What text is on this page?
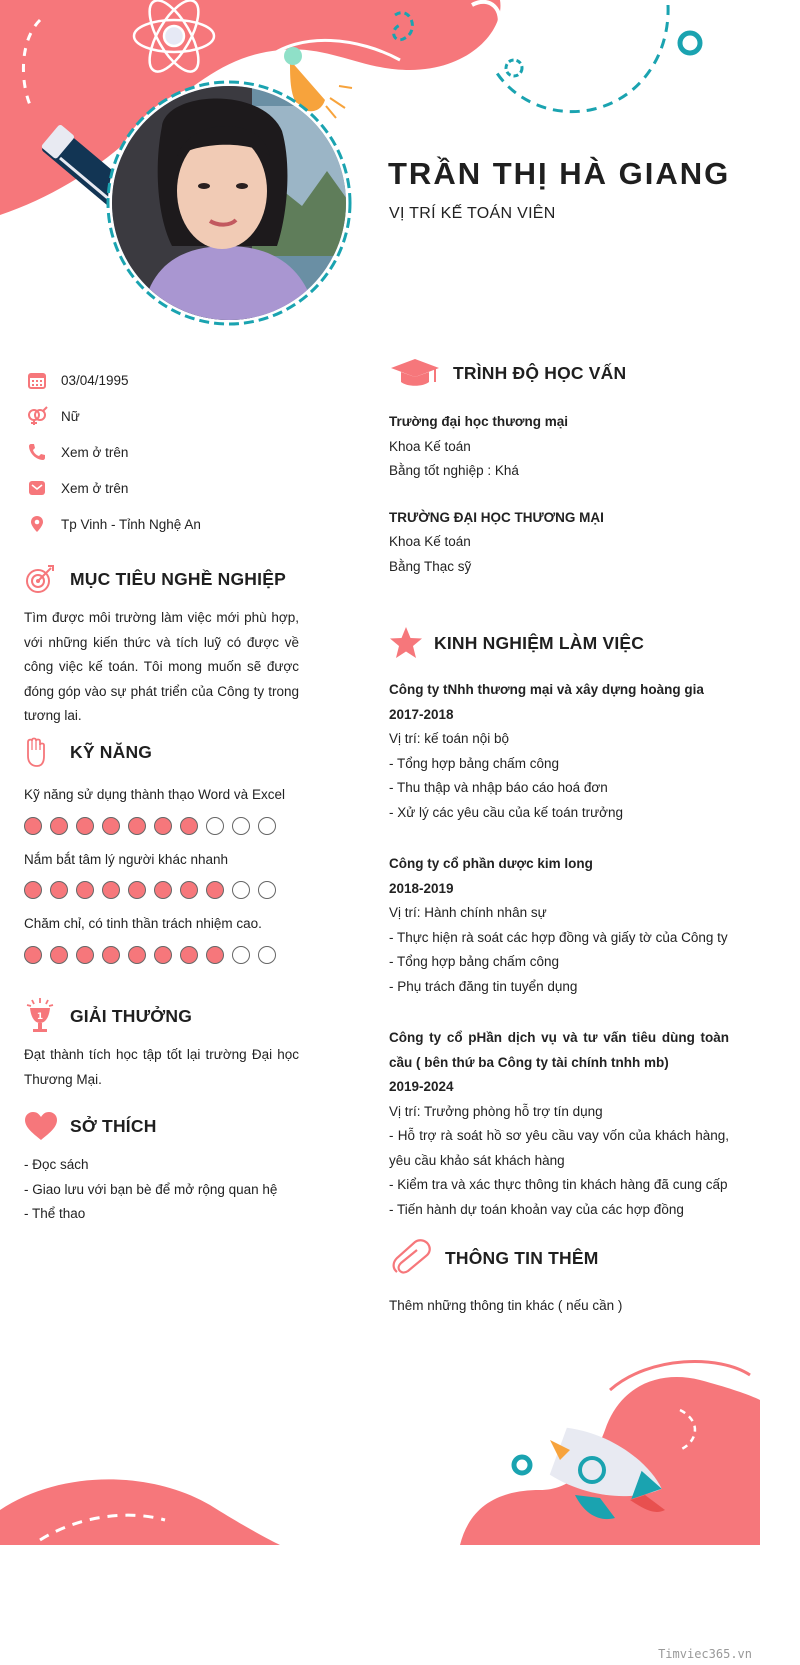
TRẦN THỊ HÀ GIANG
VỊ TRÍ KẾ TOÁN VIÊN
03/04/1995
Nữ
Xem ở trên
Xem ở trên
Tp Vinh - Tỉnh Nghệ An
MỤC TIÊU NGHỀ NGHIỆP
Tìm được môi trường làm việc mới phù hợp, với những kiến thức và tích luỹ có được về công việc kế toán. Tôi mong muốn sẽ được đóng góp vào sự phát triển của Công ty trong tương lai.
KỸ NĂNG
Kỹ năng sử dụng thành thạo Word và Excel
Nắm bắt tâm lý người khác nhanh
Chăm chỉ, có tinh thần trách nhiệm cao.
1 GIẢI THƯỞNG
Đạt thành tích học tập tốt lại trường Đại học Thương Mại.
SỞ THÍCH
- Đọc sách
- Giao lưu với bạn bè để mở rộng quan hệ
- Thể thao
TRÌNH ĐỘ HỌC VẤN
Trường đại học thương mại
Khoa Kế toán
Bằng tốt nghiệp : Khá
TRƯỜNG ĐẠI HỌC THƯƠNG MẠI
Khoa Kế toán
Bằng Thạc sỹ
KINH NGHIỆM LÀM VIỆC
Công ty tNhh thương mại và xây dựng hoàng gia
2017-2018
Vị trí: kế toán nội bộ
- Tổng hợp bảng chấm công
- Thu thập và nhập báo cáo hoá đơn
- Xử lý các yêu cầu của kế toán trưởng
Công ty cổ phần dược kim long
2018-2019
Vị trí: Hành chính nhân sự
- Thực hiện rà soát các hợp đồng và giấy tờ của Công ty
- Tổng hợp bảng chấm công
- Phụ trách đăng tin tuyển dụng
Công ty cổ pHần dịch vụ và tư vấn tiêu dùng toàn cầu ( bên thứ ba Công ty tài chính tnhh mb)
2019-2024
Vị trí: Trưởng phòng hỗ trợ tín dụng
- Hỗ trợ rà soát hồ sơ yêu cầu vay vốn của khách hàng, yêu cầu khảo sát khách hàng
- Kiểm tra và xác thực thông tin khách hàng đã cung cấp
- Tiến hành dự toán khoản vay của các hợp đồng
THÔNG TIN THÊM
Thêm những thông tin khác ( nếu cần )
Timviec365.vn
